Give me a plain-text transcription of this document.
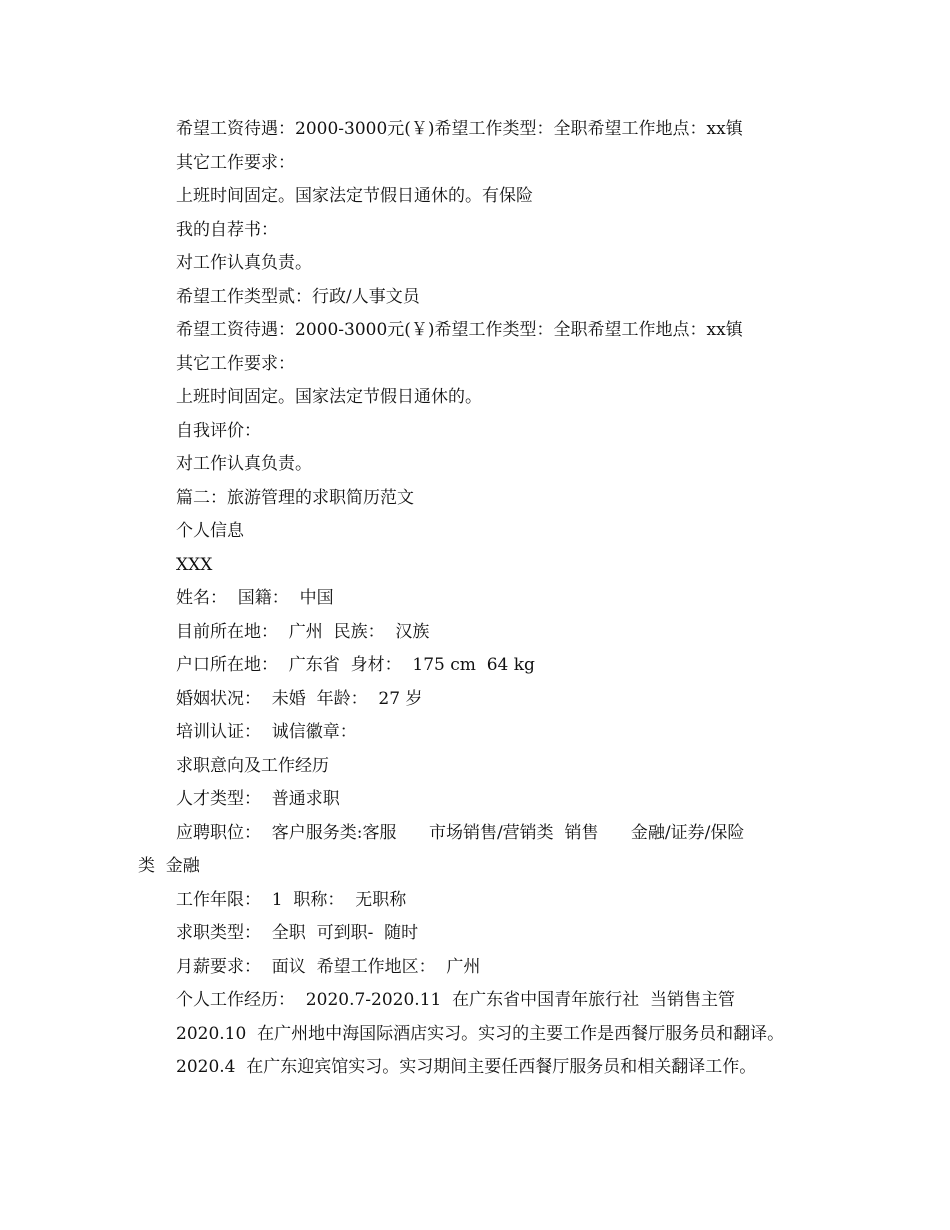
希望工资待遇：2000-3000元(￥)希望工作类型：全职希望工作地点：xx镇
其它工作要求：
上班时间固定。国家法定节假日通休的。有保险
我的自荐书：
对工作认真负责。
希望工作类型贰：行政/人事文员
希望工资待遇：2000-3000元(￥)希望工作类型：全职希望工作地点：xx镇
其它工作要求：
上班时间固定。国家法定节假日通休的。
自我评价：
对工作认真负责。
篇二：旅游管理的求职简历范文
个人信息
XXX
姓名：  国籍：  中国
目前所在地：  广州  民族：  汉族
户口所在地：  广东省  身材：  175 cm  64 kg
婚姻状况：  未婚  年龄：  27 岁
培训认证：  诚信徽章：
求职意向及工作经历
人才类型：  普通求职
应聘职位：  客户服务类:客服      市场销售/营销类  销售      金融/证券/保险
类  金融
工作年限：  1  职称：  无职称
求职类型：  全职  可到职-  随时
月薪要求：  面议  希望工作地区：  广州
个人工作经历：  2020.7-2020.11  在广东省中国青年旅行社  当销售主管
2020.10  在广州地中海国际酒店实习。实习的主要工作是西餐厅服务员和翻译。
2020.4  在广东迎宾馆实习。实习期间主要任西餐厅服务员和相关翻译工作。
